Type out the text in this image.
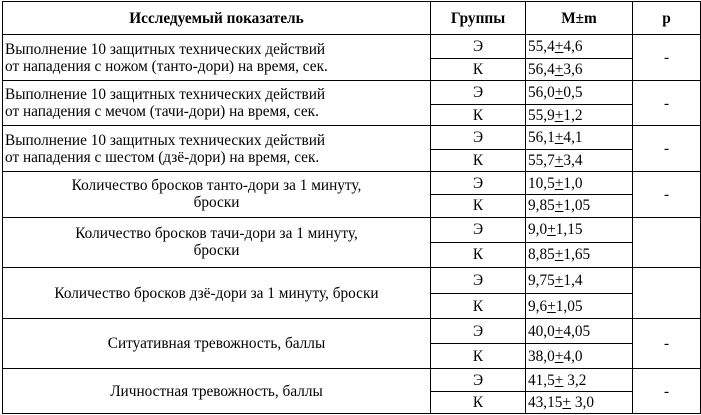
Исследуемый показатель	Группы	M±m	р
Выполнение 10 защитных технических действий
от нападения с ножом (танто-дори) на время, сек.	Э	55,4+4,6	-
	К	56,4+3,6	
Выполнение 10 защитных технических действий
от нападения с мечом (тачи-дори) на время, сек.	Э	56,0+0,5	-
	К	55,9+1,2	
Выполнение 10 защитных технических действий
от нападения с шестом (дзё-дори) на время, сек.	Э	56,1+4,1	-
	К	55,7+3,4	
Количество бросков танто-дори за 1 минуту,
броски	Э	10,5+1,0	-
	К	9,85+1,05	
Количество бросков тачи-дори за 1 минуту,
броски	Э	9,0+1,15	
	К	8,85+1,65	
Количество бросков дзё-дори за 1 минуту, броски	Э	9,75+1,4	
	К	9,6+1,05	
Ситуативная тревожность, баллы	Э	40,0+4,05	-
	К	38,0+4,0	
Личностная тревожность, баллы	Э	41,5+ 3,2	-
	К	43,15+ 3,0	
